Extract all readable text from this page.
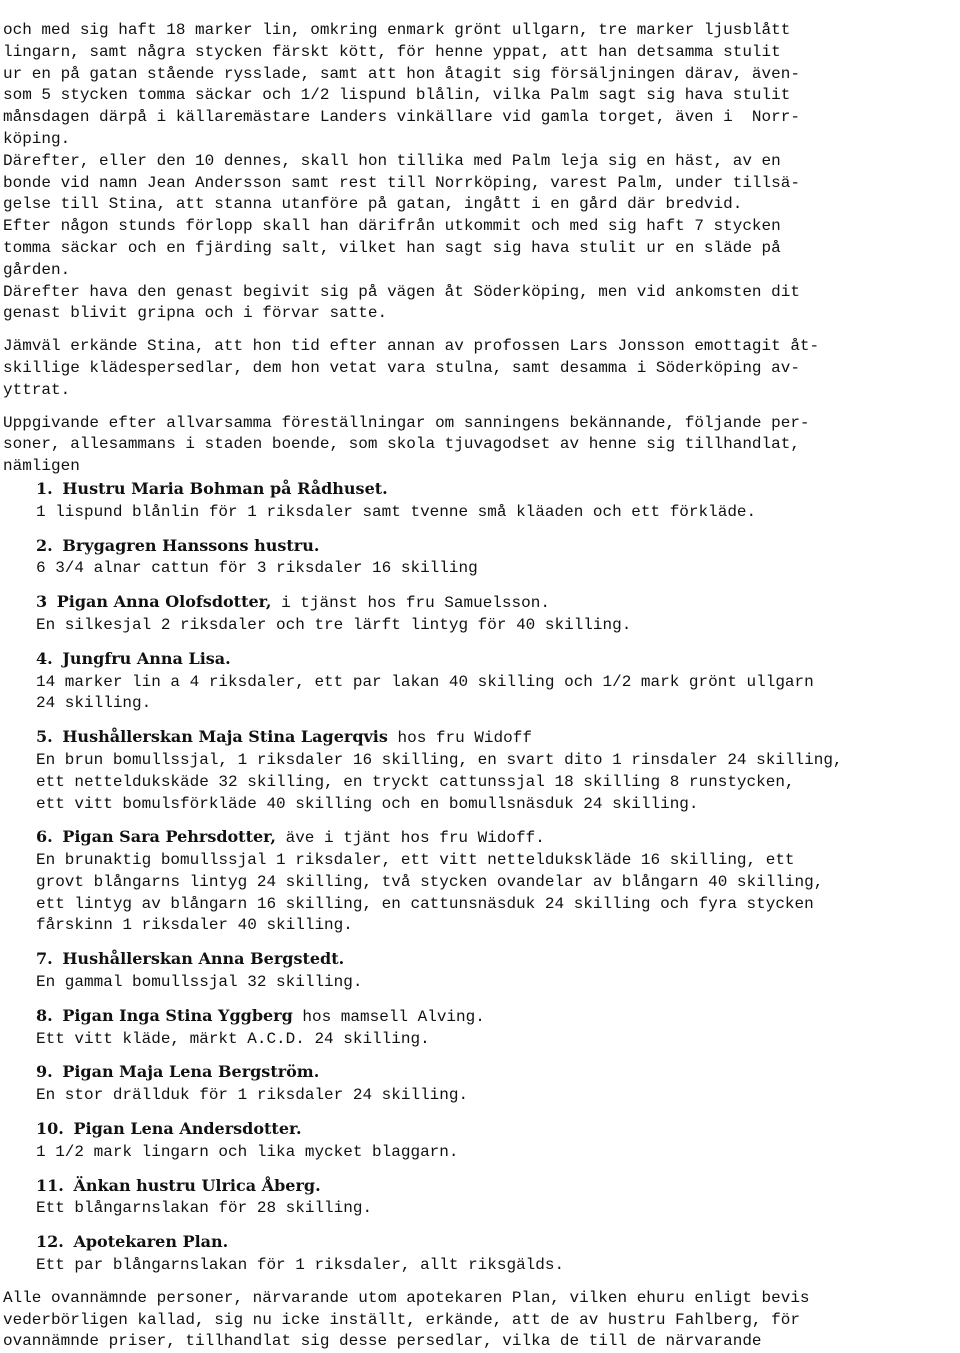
och med sig haft 18 marker lin, omkring enmark grönt ullgarn, tre marker ljusblått

lingarn, samt några stycken färskt kött, för henne yppat, att han detsamma stulit

ur en på gatan stående rysslade, samt att hon åtagit sig försäljningen därav, även-

som 5 stycken tomma säckar och 1/2 lispund blålin, vilka Palm sagt sig hava stulit

månsdagen därpå i källaremästare Landers vinkällare vid gamla torget, även i  Norr-

köping.

Därefter, eller den 10 dennes, skall hon tillika med Palm leja sig en häst, av en

bonde vid namn Jean Andersson samt rest till Norrköping, varest Palm, under tillsä-

gelse till Stina, att stanna utanföre på gatan, ingått i en gård där bredvid.

Efter någon stunds förlopp skall han därifrån utkommit och med sig haft 7 stycken

tomma säckar och en fjärding salt, vilket han sagt sig hava stulit ur en släde på

gården.

Därefter hava den genast begivit sig på vägen åt Söderköping, men vid ankomsten dit

genast blivit gripna och i förvar satte.

Jämväl erkände Stina, att hon tid efter annan av profossen Lars Jonsson emottagit åt-

skillige klädespersedlar, dem hon vetat vara stulna, samt desamma i Söderköping av-

yttrat.

Uppgivande efter allvarsamma föreställningar om sanningens bekännande, följande per-

soner, allesammans i staden boende, som skola tjuvagodset av henne sig tillhandlat,

nämligen

1. Hustru Maria Bohman på Rådhuset.

1 lispund blånlin för 1 riksdaler samt tvenne små kläaden och ett förkläde.

2. Brygagren Hanssons hustru.

6 3/4 alnar cattun för 3 riksdaler 16 skilling

3 Pigan Anna Olofsdotter, i tjänst hos fru Samuelsson.

En silkesjal 2 riksdaler och tre lärft lintyg för 40 skilling.

4. Jungfru Anna Lisa.

14 marker lin a 4 riksdaler, ett par lakan 40 skilling och 1/2 mark grönt ullgarn

24 skilling.

5. Hushållerskan Maja Stina Lagerqvis hos fru Widoff

En brun bomullssjal, 1 riksdaler 16 skilling, en svart dito 1 rinsdaler 24 skilling,

ett netteldukskäde 32 skilling, en tryckt cattunssjal 18 skilling 8 runstycken,

ett vitt bomulsförkläde 40 skilling och en bomullsnäsduk 24 skilling.

6. Pigan Sara Pehrsdotter, äve i tjänt hos fru Widoff.

En brunaktig bomullssjal 1 riksdaler, ett vitt netteldukskläde 16 skilling, ett

grovt blångarns lintyg 24 skilling, två stycken ovandelar av blångarn 40 skilling,

ett lintyg av blångarn 16 skilling, en cattunsnäsduk 24 skilling och fyra stycken

fårskinn 1 riksdaler 40 skilling.

7. Hushållerskan Anna Bergstedt.

En gammal bomullssjal 32 skilling.

8. Pigan Inga Stina Yggberg hos mamsell Alving.

Ett vitt kläde, märkt A.C.D. 24 skilling.

9. Pigan Maja Lena Bergström.

En stor drällduk för 1 riksdaler 24 skilling.

10. Pigan Lena Andersdotter.

1 1/2 mark lingarn och lika mycket blaggarn.

11. Änkan hustru Ulrica Åberg.

Ett blångarnslakan för 28 skilling.

12. Apotekaren Plan.

Ett par blångarnslakan för 1 riksdaler, allt riksgälds.

Alle ovannämnde personer, närvarande utom apotekaren Plan, vilken ehuru enligt bevis

vederbörligen kallad, sig nu icke inställt, erkände, att de av hustru Fahlberg, för

ovannämnde priser, tillhandlat sig desse persedlar, vilka de till de närvarande
